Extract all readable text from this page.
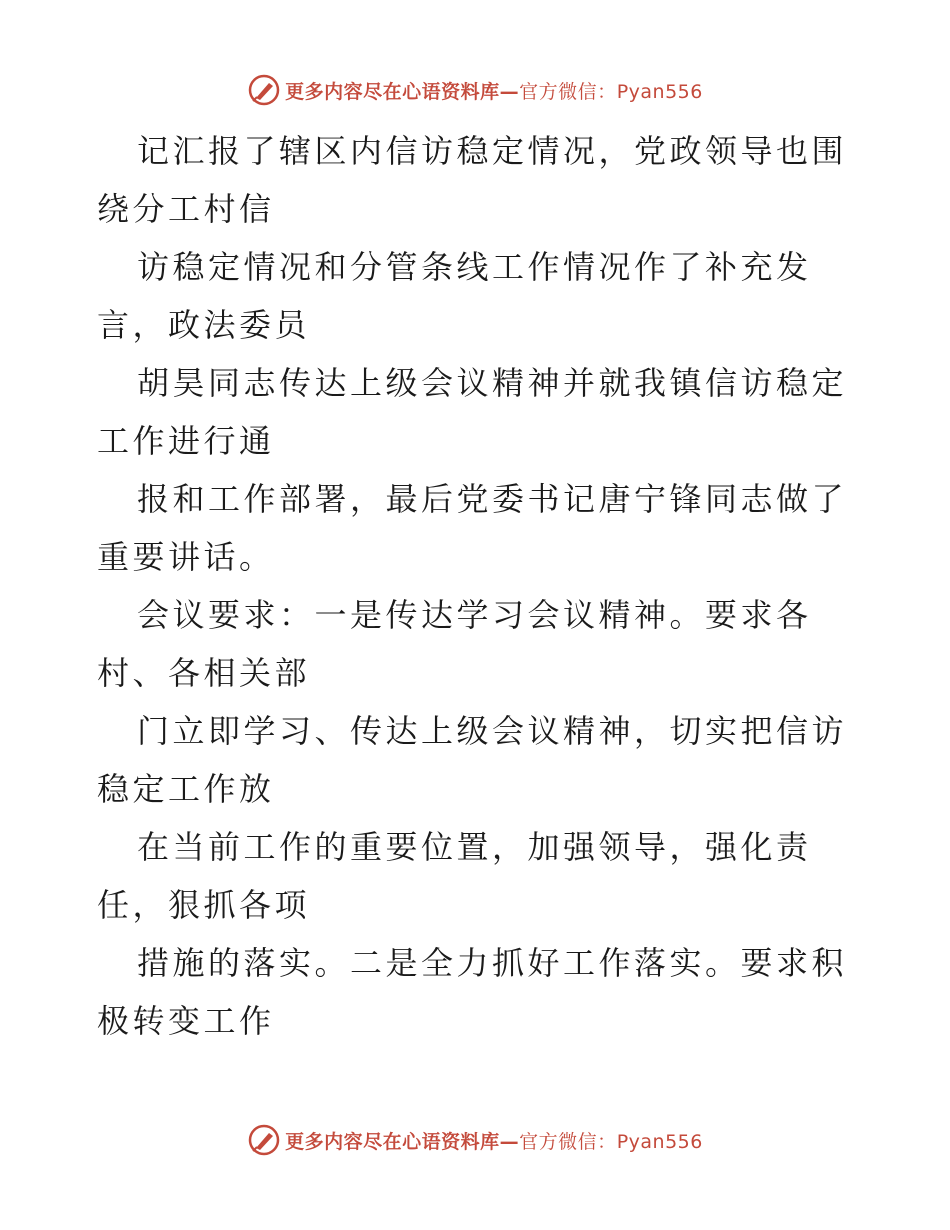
更多内容尽在心语资料库—官方微信：Pyan556

记汇报了辖区内信访稳定情况，党政领导也围绕分工村信

访稳定情况和分管条线工作情况作了补充发言，政法委员

胡昊同志传达上级会议精神并就我镇信访稳定工作进行通

报和工作部署，最后党委书记唐宁锋同志做了重要讲话。

会议要求：一是传达学习会议精神。要求各村、各相关部

门立即学习、传达上级会议精神，切实把信访稳定工作放

在当前工作的重要位置，加强领导，强化责任，狠抓各项

措施的落实。二是全力抓好工作落实。要求积极转变工作

更多内容尽在心语资料库—官方微信：Pyan556
